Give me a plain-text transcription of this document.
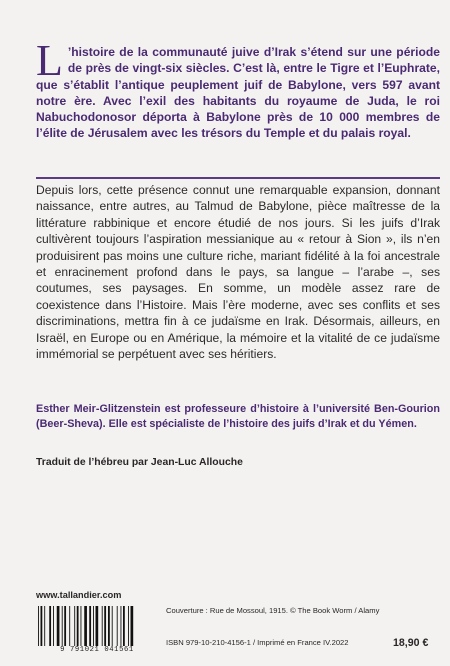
L ’histoire de la communauté juive d’Irak s’étend sur une période de près de vingt-six siècles. C’est là, entre le Tigre et l’Euphrate, que s’établit l’antique peuplement juif de Babylone, vers 597 avant notre ère. Avec l’exil des habitants du royaume de Juda, le roi Nabuchodonosor déporta à Babylone près de 10 000 membres de l’élite de Jérusalem avec les trésors du Temple et du palais royal.

Depuis lors, cette présence connut une remarquable expansion, donnant naissance, entre autres, au Talmud de Babylone, pièce maîtresse de la littérature rabbinique et encore étudié de nos jours. Si les juifs d’Irak cultivèrent toujours l’aspiration messianique au « retour à Sion », ils n’en produisirent pas moins une culture riche, mariant fidélité à la foi ancestrale et enracinement profond dans le pays, sa langue – l’arabe –, ses coutumes, ses paysages. En somme, un modèle assez rare de coexistence dans l’Histoire. Mais l’ère moderne, avec ses conflits et ses discriminations, mettra fin à ce judaïsme en Irak. Désormais, ailleurs, en Israël, en Europe ou en Amérique, la mémoire et la vitalité de ce judaïsme immémorial se perpétuent avec ses héritiers.

Esther Meir-Glitzenstein est professeure d’histoire à l’université Ben-Gourion (Beer-Sheva). Elle est spécialiste de l’histoire des juifs d’Irak et du Yémen.

Traduit de l’hébreu par Jean-Luc Allouche

www.tallandier.com
9 791021 041561
Couverture : Rue de Mossoul, 1915. © The Book Worm / Alamy
ISBN 979-10-210-4156-1 / Imprimé en France IV.2022	18,90 €
